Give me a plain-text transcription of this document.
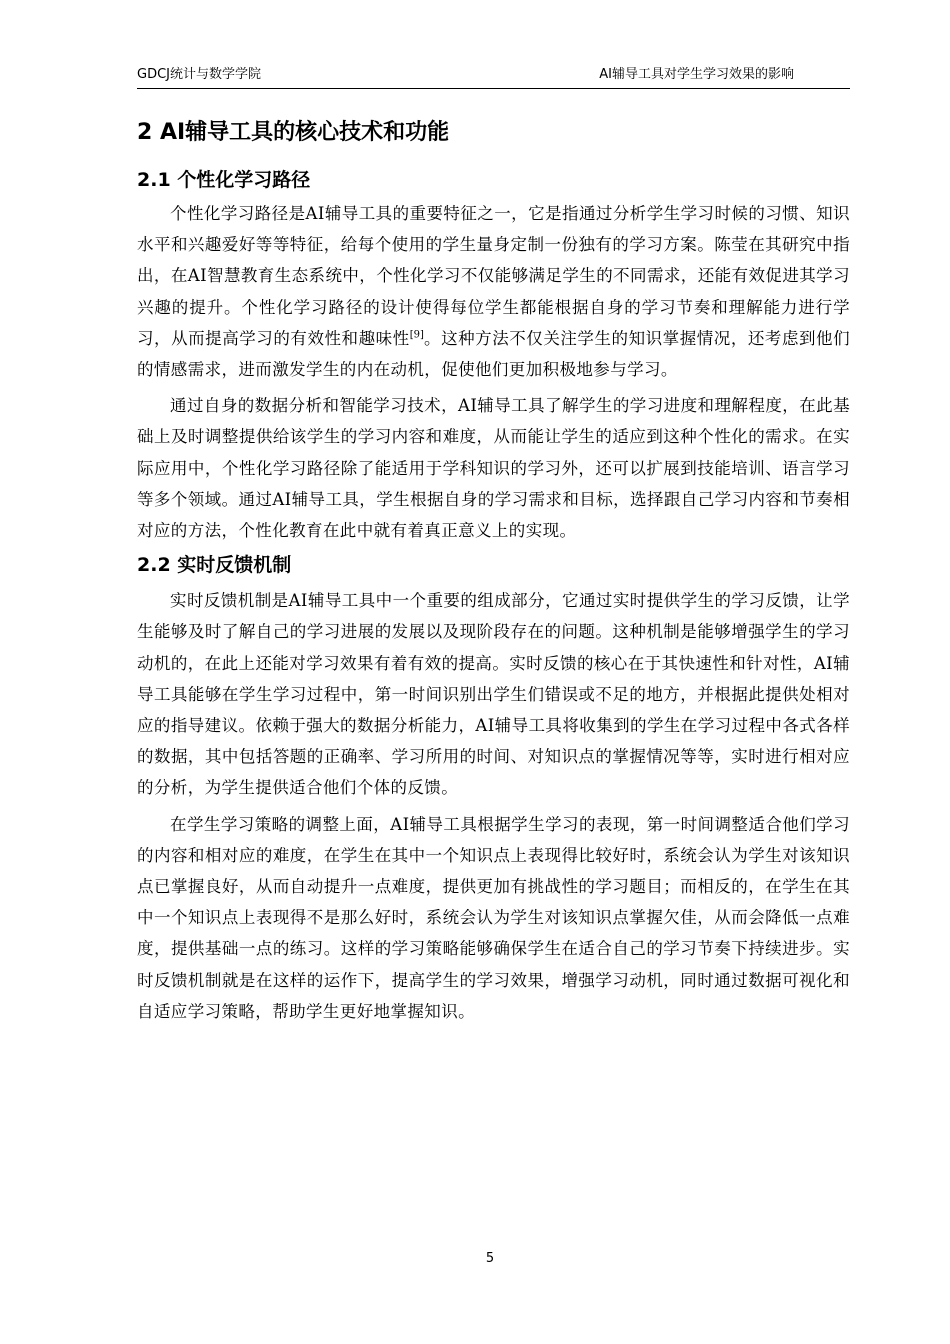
GDCJ统计与数学学院	AI辅导工具对学生学习效果的影响
2 AI辅导工具的核心技术和功能
2.1 个性化学习路径

个性化学习路径是AI辅导工具的重要特征之一，它是指通过分析学生学习时候的习惯、知识水平和兴趣爱好等等特征，给每个使用的学生量身定制一份独有的学习方案。陈莹在其研究中指出，在AI智慧教育生态系统中，个性化学习不仅能够满足学生的不同需求，还能有效促进其学习兴趣的提升。个性化学习路径的设计使得每位学生都能根据自身的学习节奏和理解能力进行学习，从而提高学习的有效性和趣味性[9]。这种方法不仅关注学生的知识掌握情况，还考虑到他们的情感需求，进而激发学生的内在动机，促使他们更加积极地参与学习。

通过自身的数据分析和智能学习技术，AI辅导工具了解学生的学习进度和理解程度，在此基础上及时调整提供给该学生的学习内容和难度，从而能让学生的适应到这种个性化的需求。在实际应用中，个性化学习路径除了能适用于学科知识的学习外，还可以扩展到技能培训、语言学习等多个领域。通过AI辅导工具，学生根据自身的学习需求和目标，选择跟自己学习内容和节奏相对应的方法，个性化教育在此中就有着真正意义上的实现。

2.2 实时反馈机制

实时反馈机制是AI辅导工具中一个重要的组成部分，它通过实时提供学生的学习反馈，让学生能够及时了解自己的学习进展的发展以及现阶段存在的问题。这种机制是能够增强学生的学习动机的，在此上还能对学习效果有着有效的提高。实时反馈的核心在于其快速性和针对性，AI辅导工具能够在学生学习过程中，第一时间识别出学生们错误或不足的地方，并根据此提供处相对应的指导建议。依赖于强大的数据分析能力，AI辅导工具将收集到的学生在学习过程中各式各样的数据，其中包括答题的正确率、学习所用的时间、对知识点的掌握情况等等，实时进行相对应的分析，为学生提供适合他们个体的反馈。

在学生学习策略的调整上面，AI辅导工具根据学生学习的表现，第一时间调整适合他们学习的内容和相对应的难度，在学生在其中一个知识点上表现得比较好时，系统会认为学生对该知识点已掌握良好，从而自动提升一点难度，提供更加有挑战性的学习题目；而相反的，在学生在其中一个知识点上表现得不是那么好时，系统会认为学生对该知识点掌握欠佳，从而会降低一点难度，提供基础一点的练习。这样的学习策略能够确保学生在适合自己的学习节奏下持续进步。实时反馈机制就是在这样的运作下，提高学生的学习效果，增强学习动机，同时通过数据可视化和自适应学习策略，帮助学生更好地掌握知识。

5
